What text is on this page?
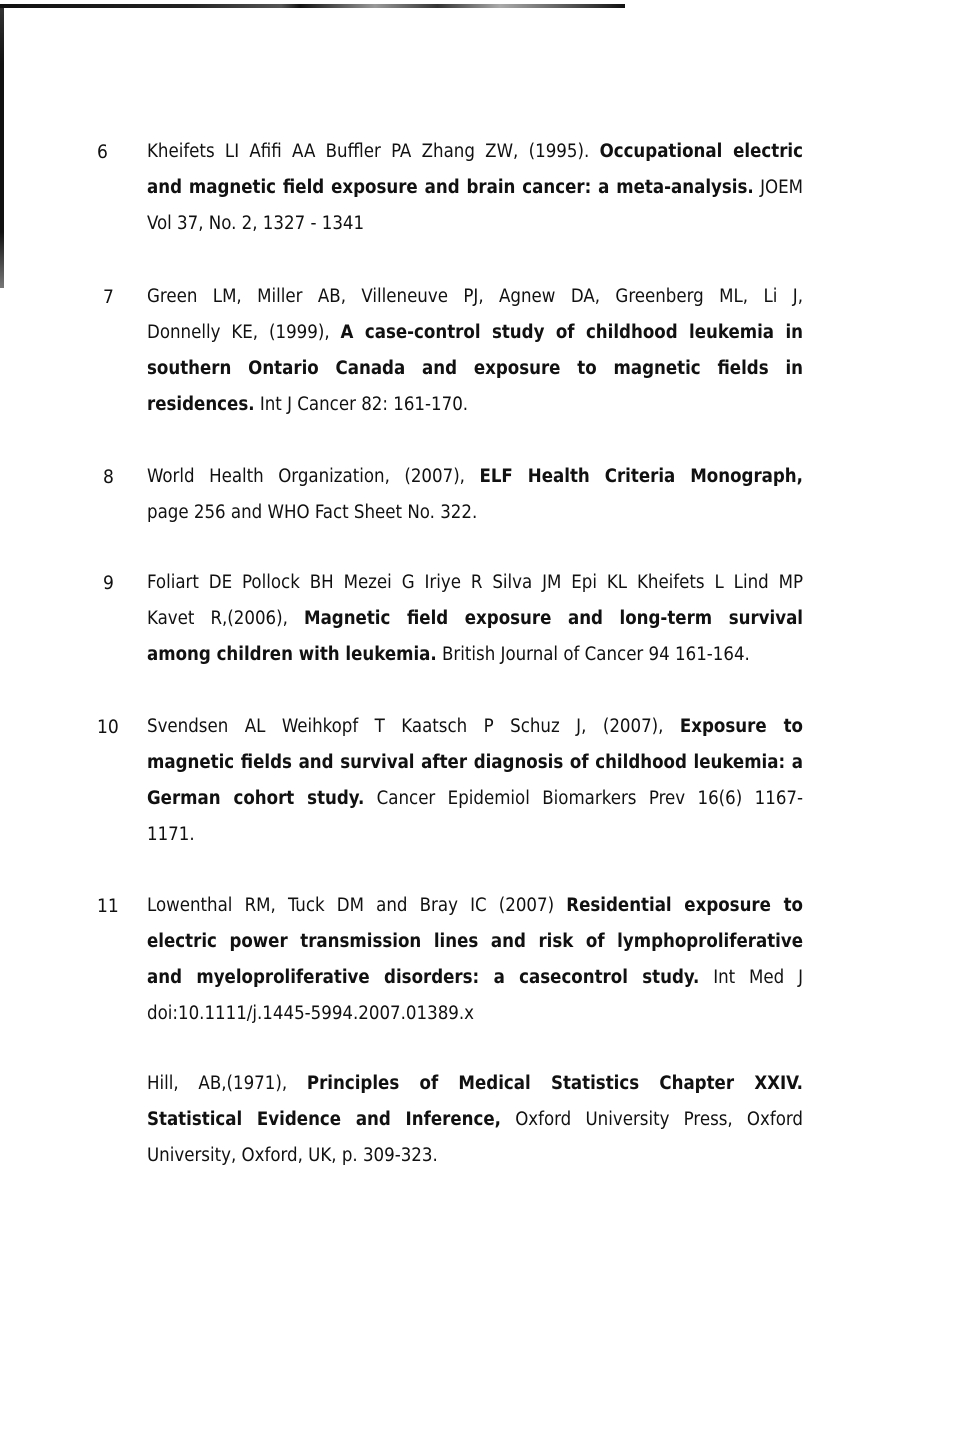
6 Kheifets LI Afifi AA Buffler PA Zhang ZW, (1995). Occupational electric
and magnetic field exposure and brain cancer: a meta-analysis. JOEM
Vol 37, No. 2, 1327 - 1341
7 Green LM, Miller AB, Villeneuve PJ, Agnew DA, Greenberg ML, Li J,
Donnelly KE, (1999), A case-control study of childhood leukemia in
southern Ontario Canada and exposure to magnetic fields in
residences. Int J Cancer 82: 161-170.
8 World Health Organization, (2007), ELF Health Criteria Monograph,
page 256 and WHO Fact Sheet No. 322.
9 Foliart DE Pollock BH Mezei G Iriye R Silva JM Epi KL Kheifets L Lind MP
Kavet R,(2006), Magnetic field exposure and long-term survival
among children with leukemia. British Journal of Cancer 94 161-164.
10 Svendsen AL Weihkopf T Kaatsch P Schuz J, (2007), Exposure to
magnetic fields and survival after diagnosis of childhood leukemia: a
German cohort study. Cancer Epidemiol Biomarkers Prev 16(6) 1167-
1171.
11 Lowenthal RM, Tuck DM and Bray IC (2007) Residential exposure to
electric power transmission lines and risk of lymphoproliferative
and myeloproliferative disorders: a casecontrol study. Int Med J
doi:10.1111/j.1445-5994.2007.01389.x
Hill, AB,(1971), Principles of Medical Statistics Chapter XXIV.
Statistical Evidence and Inference, Oxford University Press, Oxford
University, Oxford, UK, p. 309-323.
